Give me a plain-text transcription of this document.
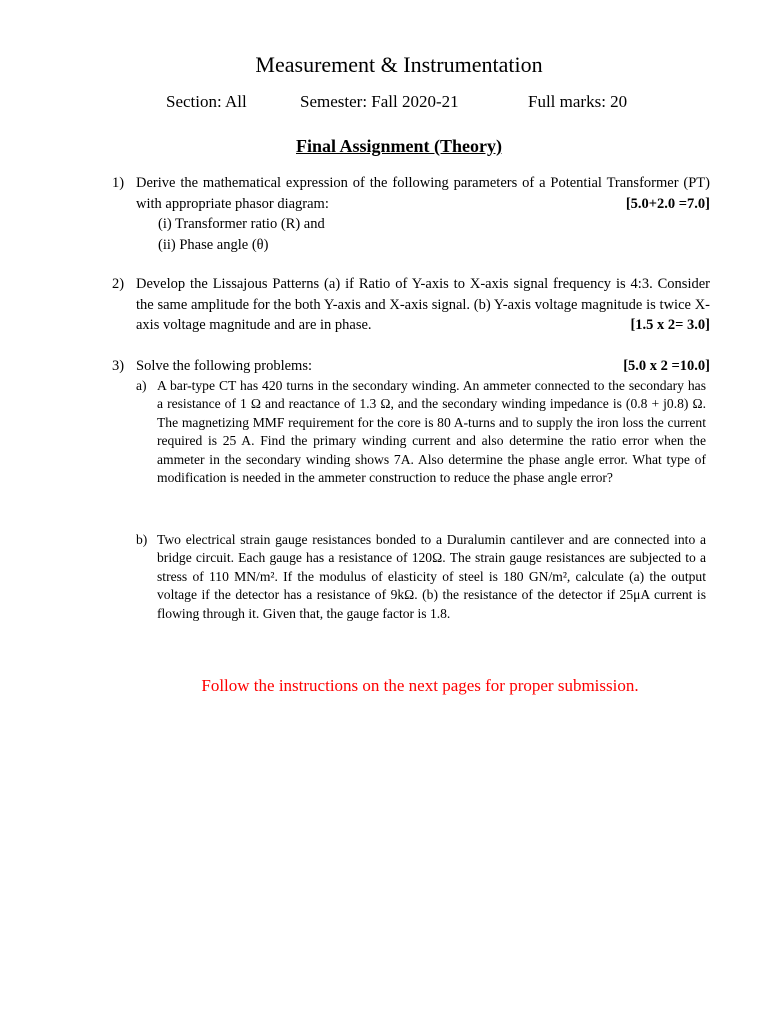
Measurement & Instrumentation
Section: All	Semester: Fall 2020-21	Full marks: 20
Final Assignment (Theory)
1) Derive the mathematical expression of the following parameters of a Potential Transformer (PT) with appropriate phasor diagram:	[5.0+2.0 =7.0]
(i) Transformer ratio (R) and
(ii) Phase angle (θ)
2) Develop the Lissajous Patterns (a) if Ratio of Y-axis to X-axis signal frequency is 4:3. Consider the same amplitude for the both Y-axis and X-axis signal. (b) Y-axis voltage magnitude is twice X-axis voltage magnitude and are in phase.	[1.5 x 2= 3.0]
3) Solve the following problems:	[5.0 x 2 =10.0]
a) A bar-type CT has 420 turns in the secondary winding. An ammeter connected to the secondary has a resistance of 1 Ω and reactance of 1.3 Ω, and the secondary winding impedance is (0.8 + j0.8) Ω. The magnetizing MMF requirement for the core is 80 A-turns and to supply the iron loss the current required is 25 A. Find the primary winding current and also determine the ratio error when the ammeter in the secondary winding shows 7A. Also determine the phase angle error. What type of modification is needed in the ammeter construction to reduce the phase angle error?
b) Two electrical strain gauge resistances bonded to a Duralumin cantilever and are connected into a bridge circuit. Each gauge has a resistance of 120Ω. The strain gauge resistances are subjected to a stress of 110 MN/m². If the modulus of elasticity of steel is 180 GN/m², calculate (a) the output voltage if the detector has a resistance of 9kΩ. (b) the resistance of the detector if 25μA current is flowing through it. Given that, the gauge factor is 1.8.
Follow the instructions on the next pages for proper submission.
